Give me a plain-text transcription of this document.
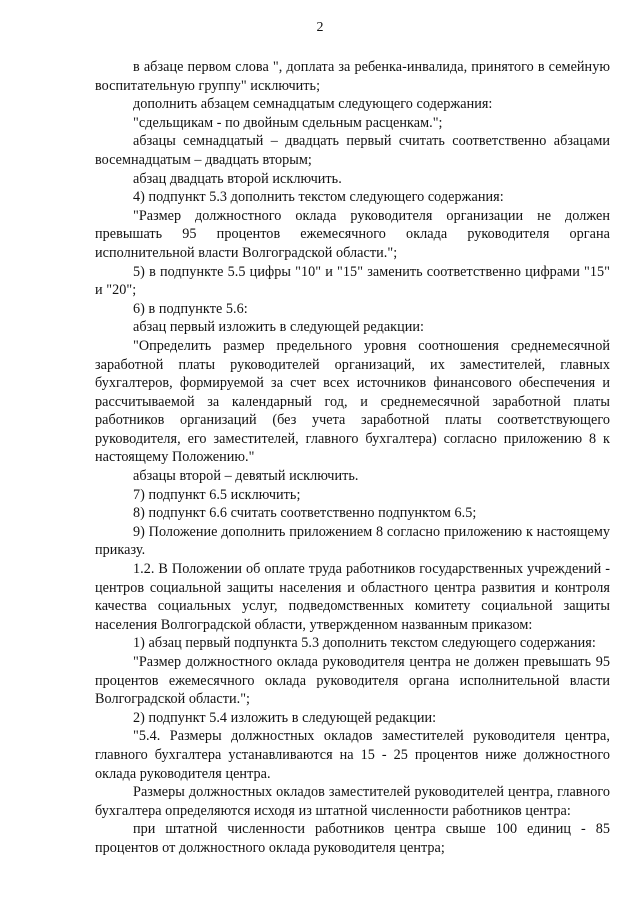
2

в абзаце первом слова ", доплата за ребенка-инвалида, принятого в семейную воспитательную группу" исключить;

дополнить абзацем семнадцатым следующего содержания:

"сдельщикам - по двойным сдельным расценкам.";

абзацы семнадцатый – двадцать первый считать соответственно абзацами восемнадцатым – двадцать вторым;

абзац двадцать второй исключить.

4) подпункт 5.3 дополнить текстом следующего содержания:

"Размер должностного оклада руководителя организации не должен превышать 95 процентов ежемесячного оклада руководителя органа исполнительной власти Волгоградской области.";

5) в подпункте 5.5 цифры "10" и "15" заменить соответственно цифрами "15" и "20";

6) в подпункте 5.6:

абзац первый изложить в следующей редакции:

"Определить размер предельного уровня соотношения среднемесячной заработной платы руководителей организаций, их заместителей, главных бухгалтеров, формируемой за счет всех источников финансового обеспечения и рассчитываемой за календарный год, и среднемесячной заработной платы работников организаций (без учета заработной платы соответствующего руководителя, его заместителей, главного бухгалтера) согласно приложению 8 к настоящему Положению."

абзацы второй – девятый исключить.

7) подпункт 6.5 исключить;

8) подпункт 6.6 считать соответственно подпунктом 6.5;

9) Положение дополнить приложением 8 согласно приложению к настоящему приказу.

1.2. В Положении об оплате труда работников государственных учреждений - центров социальной защиты населения и областного центра развития и контроля качества социальных услуг, подведомственных комитету социальной защиты населения Волгоградской области, утвержденном названным приказом:

1) абзац первый подпункта 5.3 дополнить текстом следующего содержания:

"Размер должностного оклада руководителя центра не должен превышать 95 процентов ежемесячного оклада руководителя органа исполнительной власти Волгоградской области.";

2) подпункт 5.4 изложить в следующей редакции:

"5.4. Размеры должностных окладов заместителей руководителя центра, главного бухгалтера устанавливаются на 15 - 25 процентов ниже должностного оклада руководителя центра.

Размеры должностных окладов заместителей руководителей центра, главного бухгалтера определяются исходя из штатной численности работников центра:

при штатной численности работников центра свыше 100 единиц - 85 процентов от должностного оклада руководителя центра;
